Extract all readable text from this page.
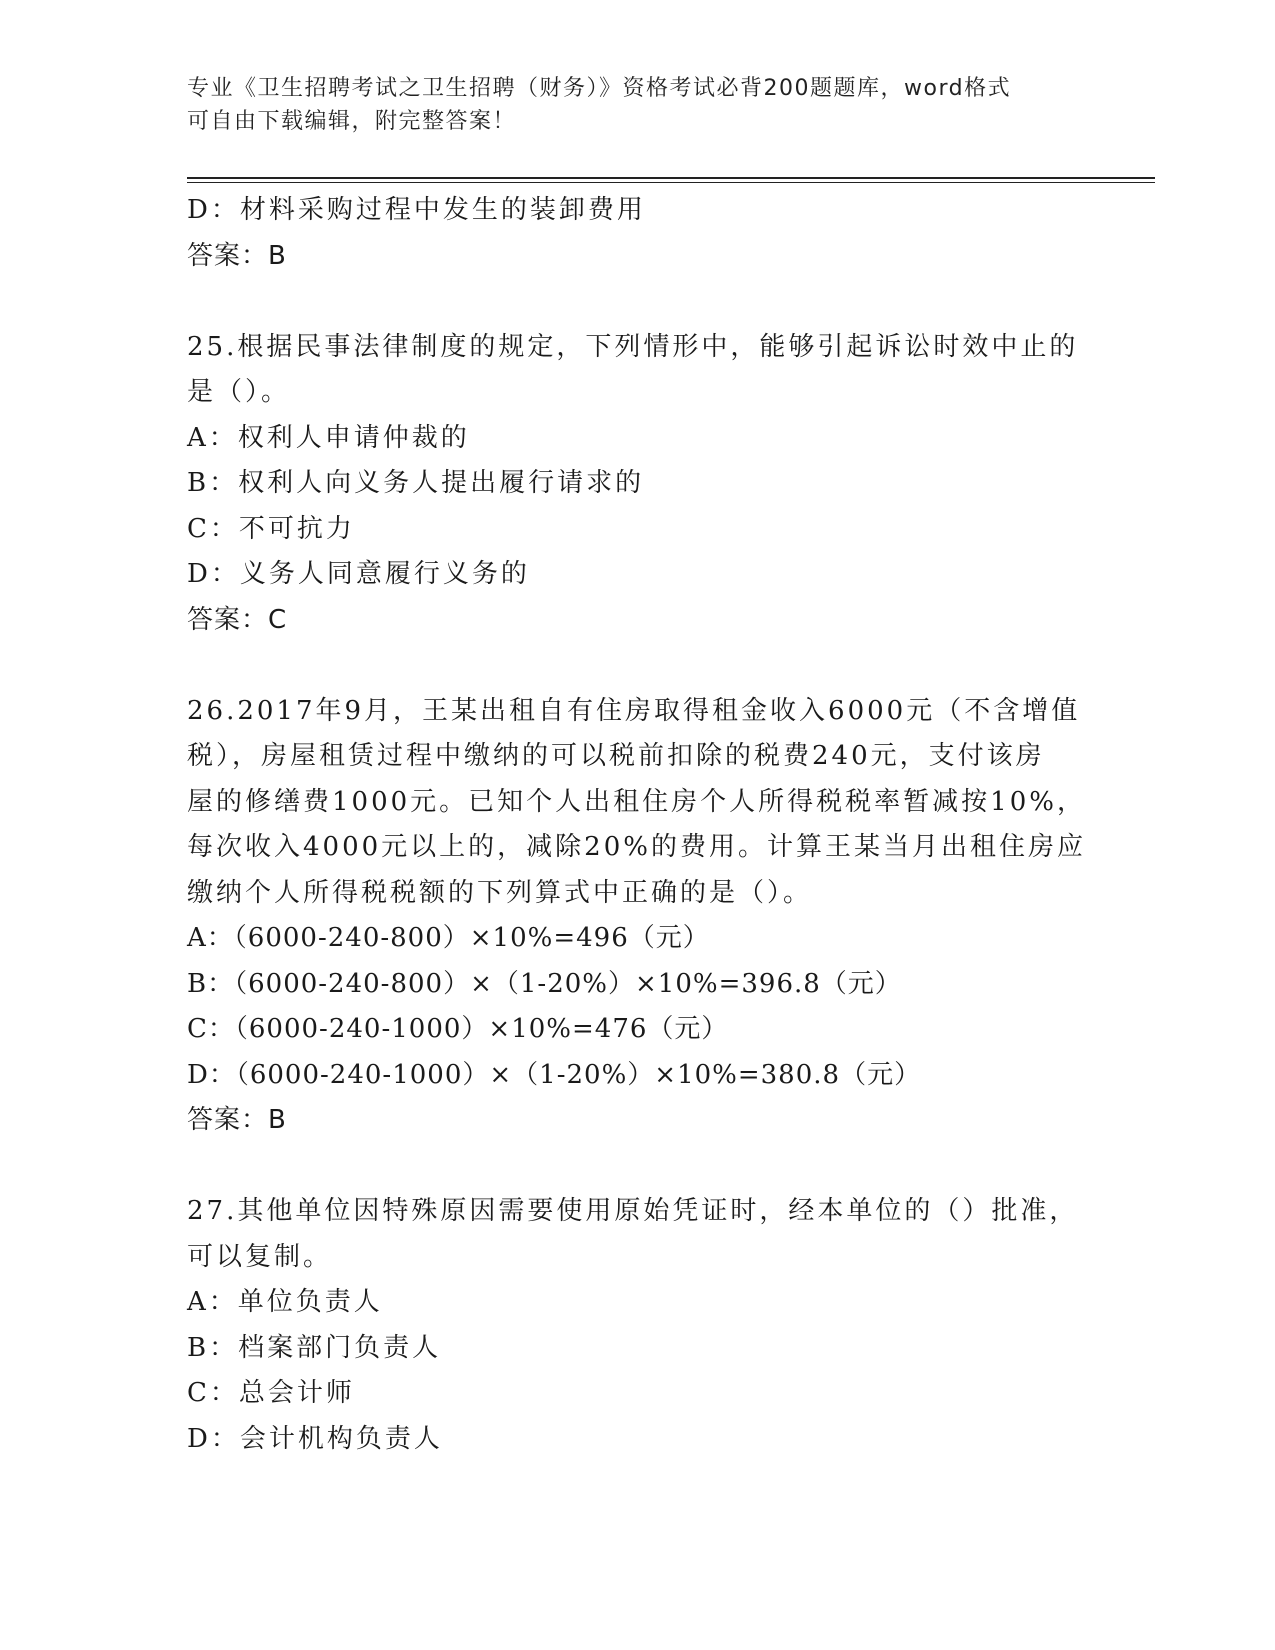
专业《卫生招聘考试之卫生招聘（财务）》资格考试必背200题题库，word格式
可自由下载编辑，附完整答案！
D：材料采购过程中发生的装卸费用
答案：B
25.根据民事法律制度的规定，下列情形中，能够引起诉讼时效中止的
是（）。
A：权利人申请仲裁的
B：权利人向义务人提出履行请求的
C：不可抗力
D：义务人同意履行义务的
答案：C
26.2017年9月，王某出租自有住房取得租金收入6000元（不含增值
税），房屋租赁过程中缴纳的可以税前扣除的税费240元，支付该房
屋的修缮费1000元。已知个人出租住房个人所得税税率暂减按10%，
每次收入4000元以上的，减除20%的费用。计算王某当月出租住房应
缴纳个人所得税税额的下列算式中正确的是（）。
A：（6000-240-800）×10%=496（元）
B：（6000-240-800）×（1-20%）×10%=396.8（元）
C：（6000-240-1000）×10%=476（元）
D：（6000-240-1000）×（1-20%）×10%=380.8（元）
答案：B
27.其他单位因特殊原因需要使用原始凭证时，经本单位的（）批准，
可以复制。
A：单位负责人
B：档案部门负责人
C：总会计师
D：会计机构负责人
